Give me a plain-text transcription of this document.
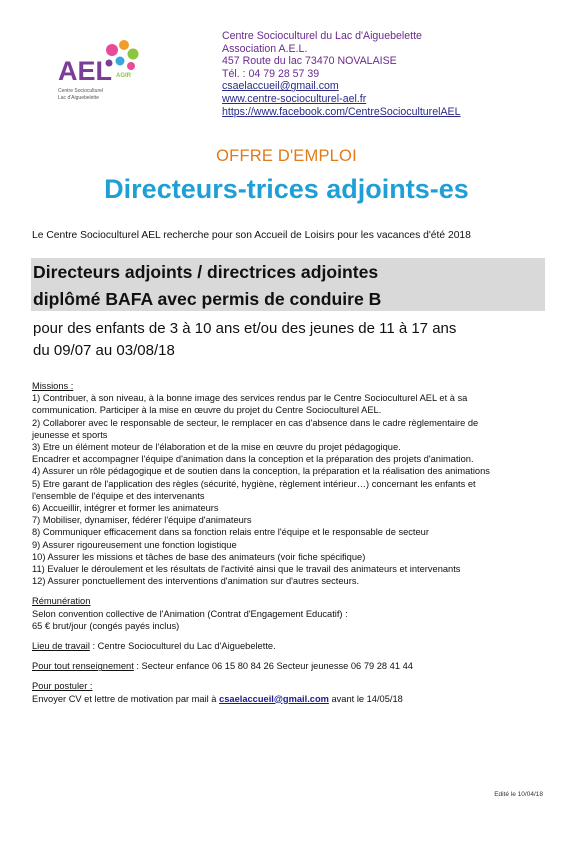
AEL AGIR
Centre Socioculturel
Lac d'Aiguebelette
Centre Socioculturel du Lac d'Aiguebelette
Association A.E.L.
457 Route du lac 73470 NOVALAISE
Tél. : 04 79 28 57 39
csaelaccueil@gmail.com
www.centre-socioculturel-ael.fr
https://www.facebook.com/CentreSocioculturelAEL
OFFRE D'EMPLOI
Directeurs-trices adjoints-es
Le Centre Socioculturel AEL recherche pour son Accueil de Loisirs pour les vacances d'été 2018
Directeurs adjoints / directrices adjointes
diplômé BAFA avec permis de conduire B
pour des enfants de 3 à 10 ans et/ou des jeunes de 11 à 17 ans
du 09/07 au 03/08/18
Missions :
1) Contribuer, à son niveau, à la bonne image des services rendus par le Centre Socioculturel AEL et à sa
communication. Participer à la mise en œuvre du projet du Centre Socioculturel AEL.
2) Collaborer avec le responsable de secteur, le remplacer en cas d'absence dans le cadre règlementaire de
jeunesse et sports
3) Etre un élément moteur de l'élaboration et de la mise en œuvre du projet pédagogique.
Encadrer et accompagner l'équipe d'animation dans la conception et la préparation des projets d'animation.
4) Assurer un rôle pédagogique et de soutien dans la conception, la préparation et la réalisation des animations
5) Etre garant de l'application des règles (sécurité, hygiène, règlement intérieur…) concernant les enfants et
l'ensemble de l'équipe et des intervenants
6) Accueillir, intégrer et former les animateurs
7) Mobiliser, dynamiser, fédérer l'équipe d'animateurs
8) Communiquer efficacement dans sa fonction relais entre l'équipe et le responsable de secteur
9) Assurer rigoureusement une fonction logistique
10) Assurer les missions et tâches de base des animateurs (voir fiche spécifique)
11) Evaluer le déroulement et les résultats de l'activité ainsi que le travail des animateurs et intervenants
12) Assurer ponctuellement des interventions d'animation sur d'autres secteurs.
Rémunération
Selon convention collective de l'Animation (Contrat d'Engagement Educatif) :
65 € brut/jour (congés payés inclus)
Lieu de travail : Centre Socioculturel du Lac d'Aiguebelette.
Pour tout renseignement : Secteur enfance 06 15 80 84 26 Secteur jeunesse 06 79 28 41 44
Pour postuler :
Envoyer CV et lettre de motivation par mail à csaelaccueil@gmail.com avant le 14/05/18
Edité le 10/04/18
